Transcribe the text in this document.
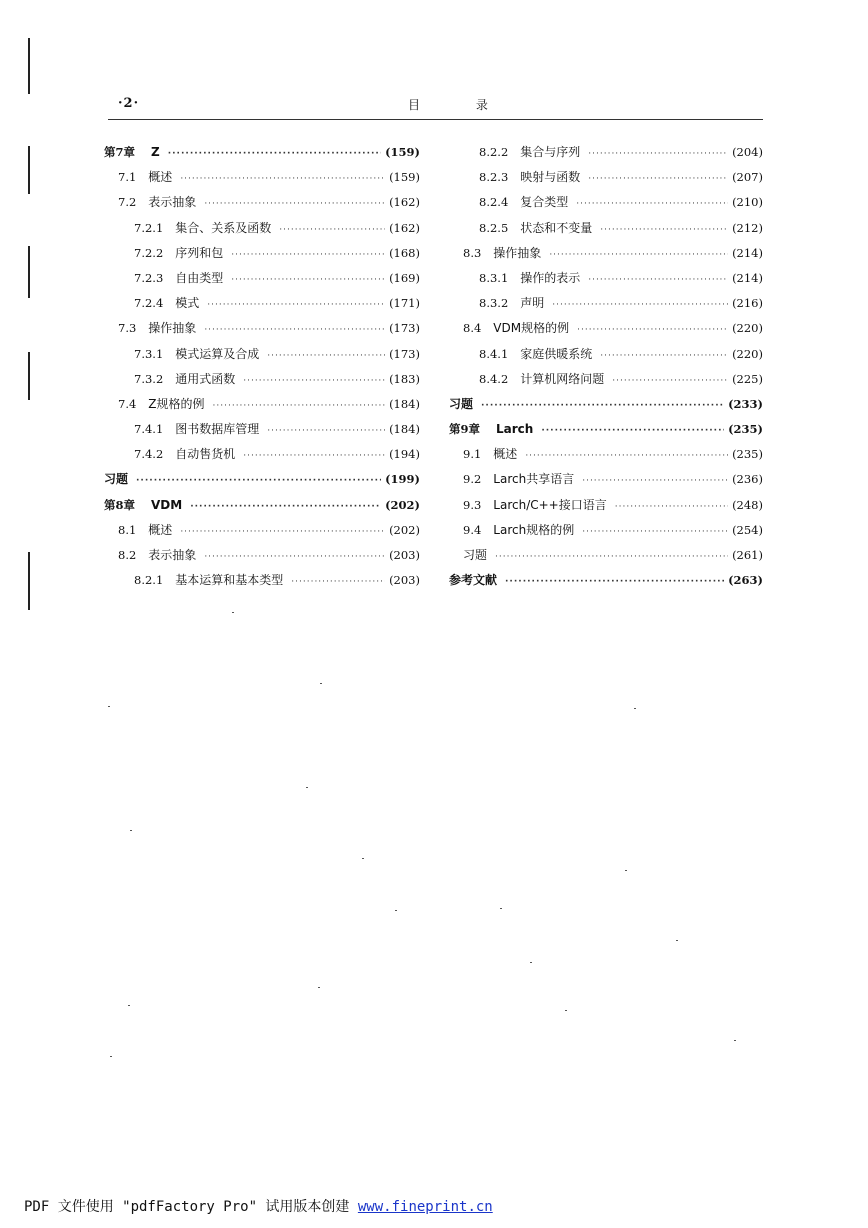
·2·	目 录
第7章 Z ·····	(159)
7.1 概述 ·····	(159)
7.2 表示抽象 ·····	(162)
7.2.1 集合、关系及函数 ·····	(162)
7.2.2 序列和包 ·····	(168)
7.2.3 自由类型 ·····	(169)
7.2.4 模式 ·····	(171)
7.3 操作抽象 ·····	(173)
7.3.1 模式运算及合成 ·····	(173)
7.3.2 通用式函数 ·····	(183)
7.4 Z规格的例 ·····	(184)
7.4.1 图书数据库管理 ·····	(184)
7.4.2 自动售货机 ·····	(194)
习题 ·····	(199)
第8章 VDM ·····	(202)
8.1 概述 ·····	(202)
8.2 表示抽象 ·····	(203)
8.2.1 基本运算和基本类型 ·····	(203)
8.2.2 集合与序列 ·····	(204)
8.2.3 映射与函数 ·····	(207)
8.2.4 复合类型 ·····	(210)
8.2.5 状态和不变量 ·····	(212)
8.3 操作抽象 ·····	(214)
8.3.1 操作的表示 ·····	(214)
8.3.2 声明 ·····	(216)
8.4 VDM规格的例 ·····	(220)
8.4.1 家庭供暖系统 ·····	(220)
8.4.2 计算机网络问题 ·····	(225)
习题 ·····	(233)
第9章 Larch ·····	(235)
9.1 概述 ·····	(235)
9.2 Larch共享语言 ·····	(236)
9.3 Larch/C++接口语言 ·····	(248)
9.4 Larch规格的例 ·····	(254)
习题 ·····	(261)
参考文献 ·····	(263)
PDF 文件使用 "pdfFactory Pro" 试用版本创建 www.fineprint.cn
